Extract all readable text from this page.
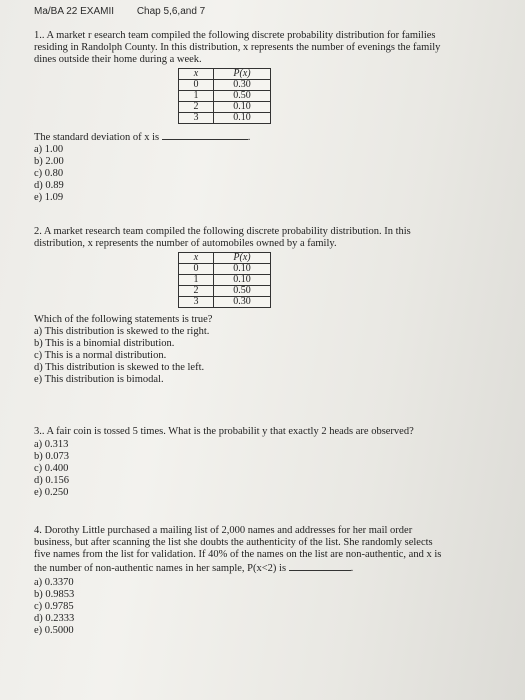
Ma/BA 22 EXAMII Chap 5,6,and 7

1.. A market r esearch team compiled the following discrete probability distribution for families

residing in Randolph County. In this distribution, x represents the number of evenings the family

dines outside their home during a week.

x	P(x)
0	0.30
1	0.50
2	0.10
3	0.10

The standard deviation of x is	.

a) 1.00
b) 2.00
c) 0.80
d) 0.89
e) 1.09

2. A market research team compiled the following discrete probability distribution. In this

distribution, x represents the number of automobiles owned by a family.

x	P(x)
0	0.10
1	0.10
2	0.50
3	0.30

Which of the following statements is true?

a) This distribution is skewed to the right.
b) This is a binomial distribution.
c) This is a normal distribution.
d) This distribution is skewed to the left.
e) This distribution is bimodal.

3.. A fair coin is tossed 5 times. What is the probabilit y that exactly 2 heads are observed?

a) 0.313
b) 0.073
c) 0.400
d) 0.156
e) 0.250

4. Dorothy Little purchased a mailing list of 2,000 names and addresses for her mail order

business, but after scanning the list she doubts the authenticity of the list. She randomly selects

five names from the list for validation. If 40% of the names on the list are non-authentic, and x is

the number of non-authentic names in her sample, P(x<2) is	.

a) 0.3370
b) 0.9853
c) 0.9785
d) 0.2333
e) 0.5000
